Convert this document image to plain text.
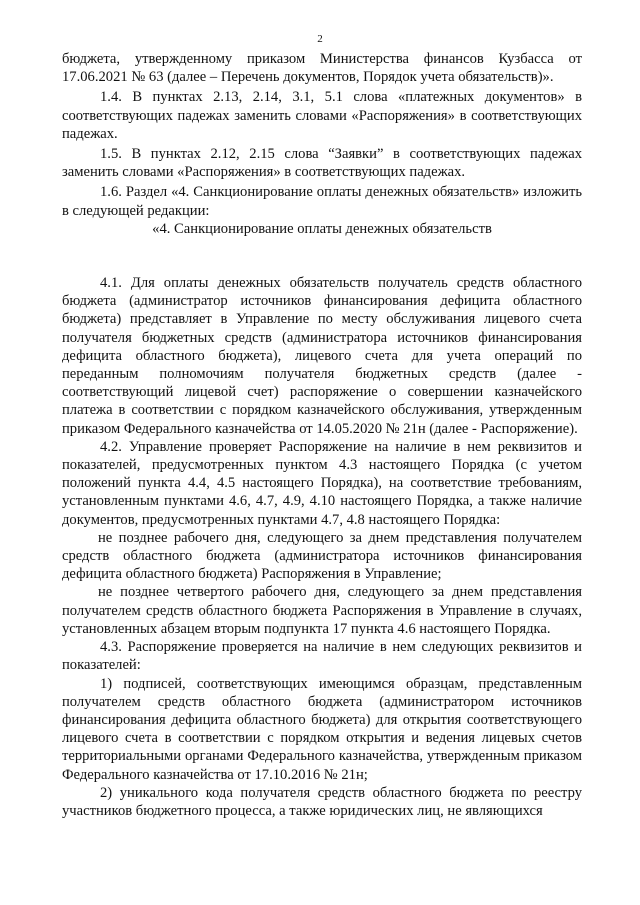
2

бюджета, утвержденному приказом Министерства финансов Кузбасса от 17.06.2021 № 63 (далее – Перечень документов, Порядок учета обязательств)».

1.4. В пунктах 2.13, 2.14, 3.1, 5.1 слова «платежных документов» в соответствующих падежах заменить словами «Распоряжения» в соответствующих падежах.

1.5. В пунктах 2.12, 2.15 слова “Заявки” в соответствующих падежах заменить словами «Распоряжения» в соответствующих падежах.

1.6. Раздел «4. Санкционирование оплаты денежных обязательств» изложить в следующей редакции:

«4. Санкционирование оплаты денежных обязательств

4.1. Для оплаты денежных обязательств получатель средств областного бюджета (администратор источников финансирования дефицита областного бюджета) представляет в Управление по месту обслуживания лицевого счета получателя бюджетных средств (администратора источников финансирования дефицита областного бюджета), лицевого счета для учета операций по переданным полномочиям получателя бюджетных средств (далее - соответствующий лицевой счет) распоряжение о совершении казначейского платежа в соответствии с порядком казначейского обслуживания, утвержденным приказом Федерального казначейства от 14.05.2020 № 21н (далее - Распоряжение).

4.2. Управление проверяет Распоряжение на наличие в нем реквизитов и показателей, предусмотренных пунктом 4.3 настоящего Порядка (с учетом положений пункта 4.4, 4.5 настоящего Порядка), на соответствие требованиям, установленным пунктами 4.6, 4.7, 4.9, 4.10 настоящего Порядка, а также наличие документов, предусмотренных пунктами 4.7, 4.8 настоящего Порядка:

не позднее рабочего дня, следующего за днем представления получателем средств областного бюджета (администратора источников финансирования дефицита областного бюджета) Распоряжения в Управление;

не позднее четвертого рабочего дня, следующего за днем представления получателем средств областного бюджета Распоряжения в Управление в случаях, установленных абзацем вторым подпункта 17 пункта 4.6 настоящего Порядка.

4.3. Распоряжение проверяется на наличие в нем следующих реквизитов и показателей:

1) подписей, соответствующих имеющимся образцам, представленным получателем средств областного бюджета (администратором источников финансирования дефицита областного бюджета) для открытия соответствующего лицевого счета в соответствии с порядком открытия и ведения лицевых счетов территориальными органами Федерального казначейства, утвержденным приказом Федерального казначейства от 17.10.2016 № 21н;

2) уникального кода получателя средств областного бюджета по реестру участников бюджетного процесса, а также юридических лиц, не являющихся
